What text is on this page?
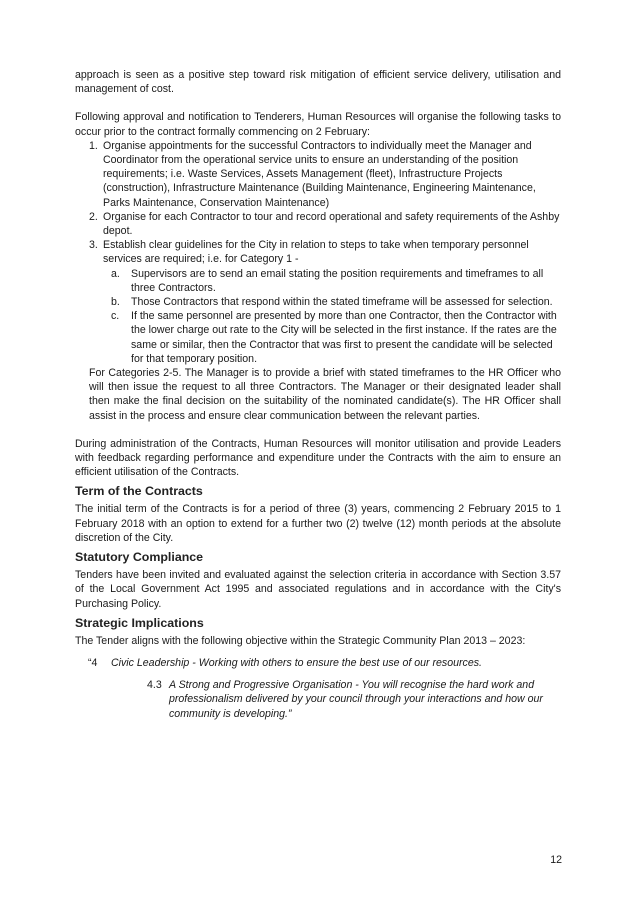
approach is seen as a positive step toward risk mitigation of efficient service delivery, utilisation and management of cost.

Following approval and notification to Tenderers, Human Resources will organise the following tasks to occur prior to the contract formally commencing on 2 February:

1. Organise appointments for the successful Contractors to individually meet the Manager and Coordinator from the operational service units to ensure an understanding of the position requirements; i.e. Waste Services, Assets Management (fleet), Infrastructure Projects (construction), Infrastructure Maintenance (Building Maintenance, Engineering Maintenance, Parks Maintenance, Conservation Maintenance)
2. Organise for each Contractor to tour and record operational and safety requirements of the Ashby depot.
3. Establish clear guidelines for the City in relation to steps to take when temporary personnel services are required; i.e. for Category 1 -
a. Supervisors are to send an email stating the position requirements and timeframes to all three Contractors.
b. Those Contractors that respond within the stated timeframe will be assessed for selection.
c. If the same personnel are presented by more than one Contractor, then the Contractor with the lower charge out rate to the City will be selected in the first instance. If the rates are the same or similar, then the Contractor that was first to present the candidate will be selected for that temporary position.

For Categories 2-5. The Manager is to provide a brief with stated timeframes to the HR Officer who will then issue the request to all three Contractors. The Manager or their designated leader shall then make the final decision on the suitability of the nominated candidate(s). The HR Officer shall assist in the process and ensure clear communication between the relevant parties.

During administration of the Contracts, Human Resources will monitor utilisation and provide Leaders with feedback regarding performance and expenditure under the Contracts with the aim to ensure an efficient utilisation of the Contracts.

Term of the Contracts

The initial term of the Contracts is for a period of three (3) years, commencing 2 February 2015 to 1 February 2018 with an option to extend for a further two (2) twelve (12) month periods at the absolute discretion of the City.

Statutory Compliance

Tenders have been invited and evaluated against the selection criteria in accordance with Section 3.57 of the Local Government Act 1995 and associated regulations and in accordance with the City's Purchasing Policy.

Strategic Implications

The Tender aligns with the following objective within the Strategic Community Plan 2013 – 2023:

“4 Civic Leadership - Working with others to ensure the best use of our resources.
4.3 A Strong and Progressive Organisation - You will recognise the hard work and professionalism delivered by your council through your interactions and how our community is developing.”
12
